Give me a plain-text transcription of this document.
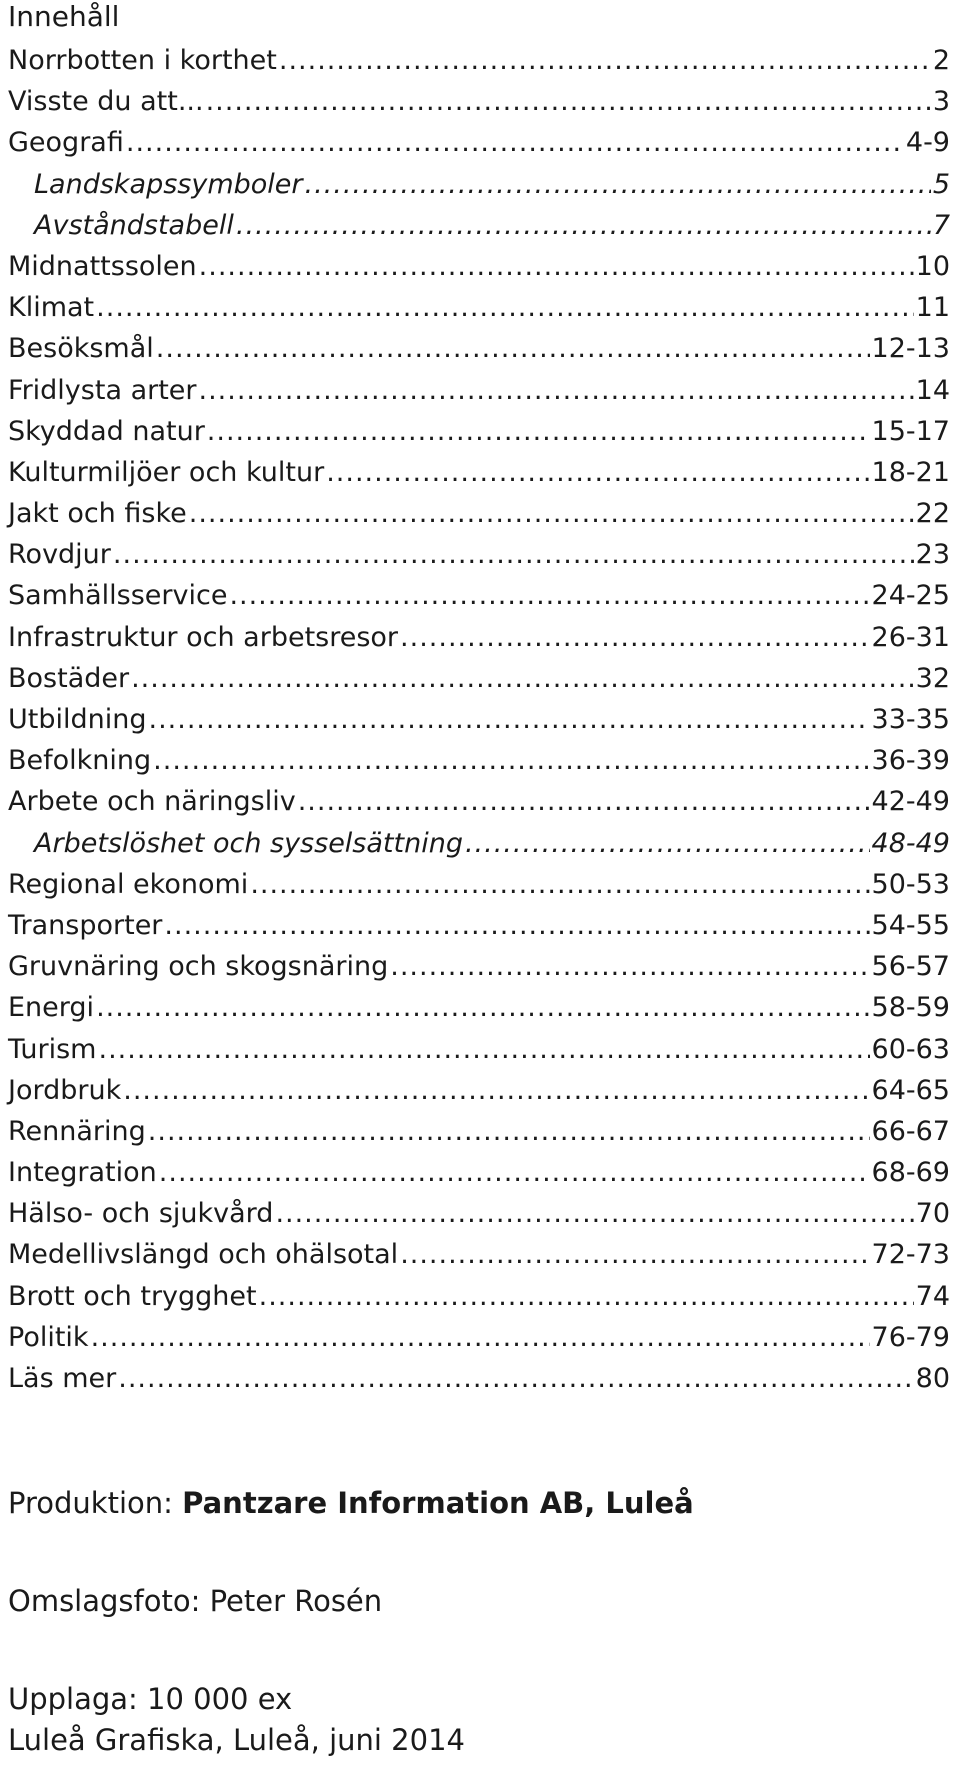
Innehåll
Norrbotten i korthet .....	2
Visste du att... .....	3
Geografi .....	4-9
Landskapssymboler .....	5
Avståndstabell .....	7
Midnattssolen .....	10
Klimat .....	11
Besöksmål .....	12-13
Fridlysta arter .....	14
Skyddad natur .....	15-17
Kulturmiljöer och kultur .....	18-21
Jakt och fiske .....	22
Rovdjur .....	23
Samhällsservice .....	24-25
Infrastruktur och arbetsresor .....	26-31
Bostäder .....	32
Utbildning .....	33-35
Befolkning .....	36-39
Arbete och näringsliv .....	42-49
Arbetslöshet och sysselsättning .....	48-49
Regional ekonomi .....	50-53
Transporter .....	54-55
Gruvnäring och skogsnäring .....	56-57
Energi .....	58-59
Turism .....	60-63
Jordbruk .....	64-65
Rennäring .....	66-67
Integration .....	68-69
Hälso- och sjukvård .....	70
Medellivslängd och ohälsotal .....	72-73
Brott och trygghet .....	74
Politik .....	76-79
Läs mer .....	80

Produktion: Pantzare Information AB, Luleå

Omslagsfoto: Peter Rosén

Upplaga: 10 000 ex

Luleå Grafiska, Luleå, juni 2014
